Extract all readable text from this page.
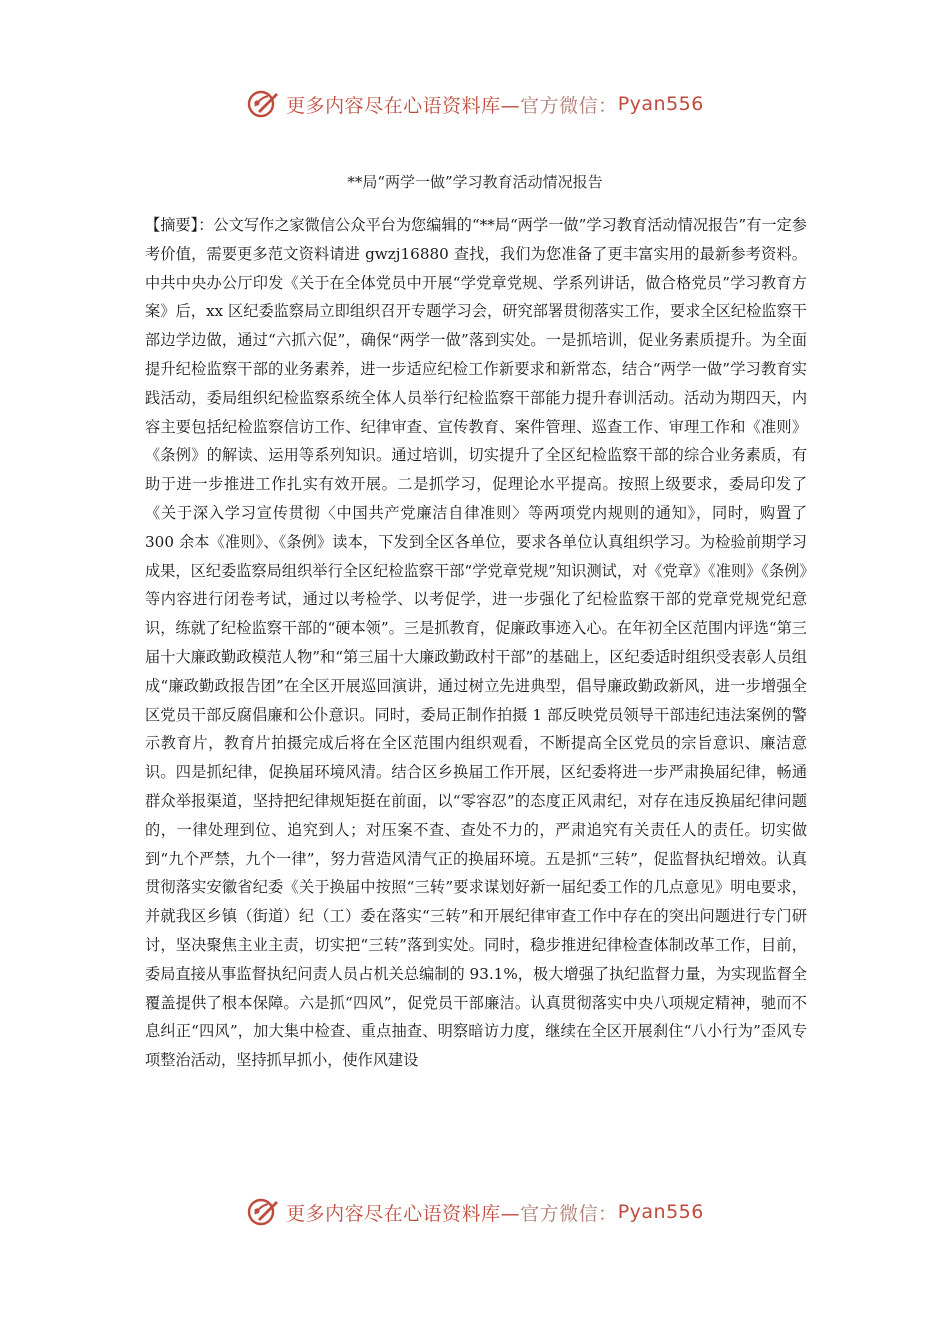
更多内容尽在心语资料库— 官方微信： Pyan556
**局“两学一做”学习教育活动情况报告

【摘要】：公文写作之家微信公众平台为您编辑的“**局“两学一做”学习教育活动情况报告”有一定参考价值，需要更多范文资料请进 gwzj16880 查找，我们为您准备了更丰富实用的最新参考资料。中共中央办公厅印发《关于在全体党员中开展“学党章党规、学系列讲话，做合格党员”学习教育方案》后，xx 区纪委监察局立即组织召开专题学习会，研究部署贯彻落实工作，要求全区纪检监察干部边学边做，通过“六抓六促”，确保“两学一做”落到实处。一是抓培训，促业务素质提升。为全面提升纪检监察干部的业务素养，进一步适应纪检工作新要求和新常态，结合“两学一做”学习教育实践活动，委局组织纪检监察系统全体人员举行纪检监察干部能力提升春训活动。活动为期四天，内容主要包括纪检监察信访工作、纪律审查、宣传教育、案件管理、巡查工作、审理工作和《准则》《条例》的解读、运用等系列知识。通过培训，切实提升了全区纪检监察干部的综合业务素质，有助于进一步推进工作扎实有效开展。二是抓学习，促理论水平提高。按照上级要求，委局印发了《关于深入学习宣传贯彻〈中国共产党廉洁自律准则〉等两项党内规则的通知》，同时，购置了 300 余本《准则》、《条例》读本，下发到全区各单位，要求各单位认真组织学习。为检验前期学习成果，区纪委监察局组织举行全区纪检监察干部“学党章党规”知识测试，对《党章》《准则》《条例》等内容进行闭卷考试，通过以考检学、以考促学，进一步强化了纪检监察干部的党章党规党纪意识，练就了纪检监察干部的“硬本领”。三是抓教育，促廉政事迹入心。在年初全区范围内评选“第三届十大廉政勤政模范人物”和“第三届十大廉政勤政村干部”的基础上，区纪委适时组织受表彰人员组成“廉政勤政报告团”在全区开展巡回演讲，通过树立先进典型，倡导廉政勤政新风，进一步增强全区党员干部反腐倡廉和公仆意识。同时，委局正制作拍摄 1 部反映党员领导干部违纪违法案例的警示教育片，教育片拍摄完成后将在全区范围内组织观看，不断提高全区党员的宗旨意识、廉洁意识。四是抓纪律，促换届环境风清。结合区乡换届工作开展，区纪委将进一步严肃换届纪律，畅通群众举报渠道，坚持把纪律规矩挺在前面，以“零容忍”的态度正风肃纪，对存在违反换届纪律问题的，一律处理到位、追究到人；对压案不查、查处不力的，严肃追究有关责任人的责任。切实做到“九个严禁，九个一律”，努力营造风清气正的换届环境。五是抓“三转”，促监督执纪增效。认真贯彻落实安徽省纪委《关于换届中按照“三转”要求谋划好新一届纪委工作的几点意见》明电要求，并就我区乡镇（街道）纪（工）委在落实“三转”和开展纪律审查工作中存在的突出问题进行专门研讨，坚决聚焦主业主责，切实把“三转”落到实处。同时，稳步推进纪律检查体制改革工作，目前，委局直接从事监督执纪问责人员占机关总编制的 93.1%，极大增强了执纪监督力量，为实现监督全覆盖提供了根本保障。六是抓“四风”，促党员干部廉洁。认真贯彻落实中央八项规定精神，驰而不息纠正“四风”，加大集中检查、重点抽查、明察暗访力度，继续在全区开展刹住“八小行为”歪风专项整治活动，坚持抓早抓小，使作风建设

更多内容尽在心语资料库— 官方微信： Pyan556
